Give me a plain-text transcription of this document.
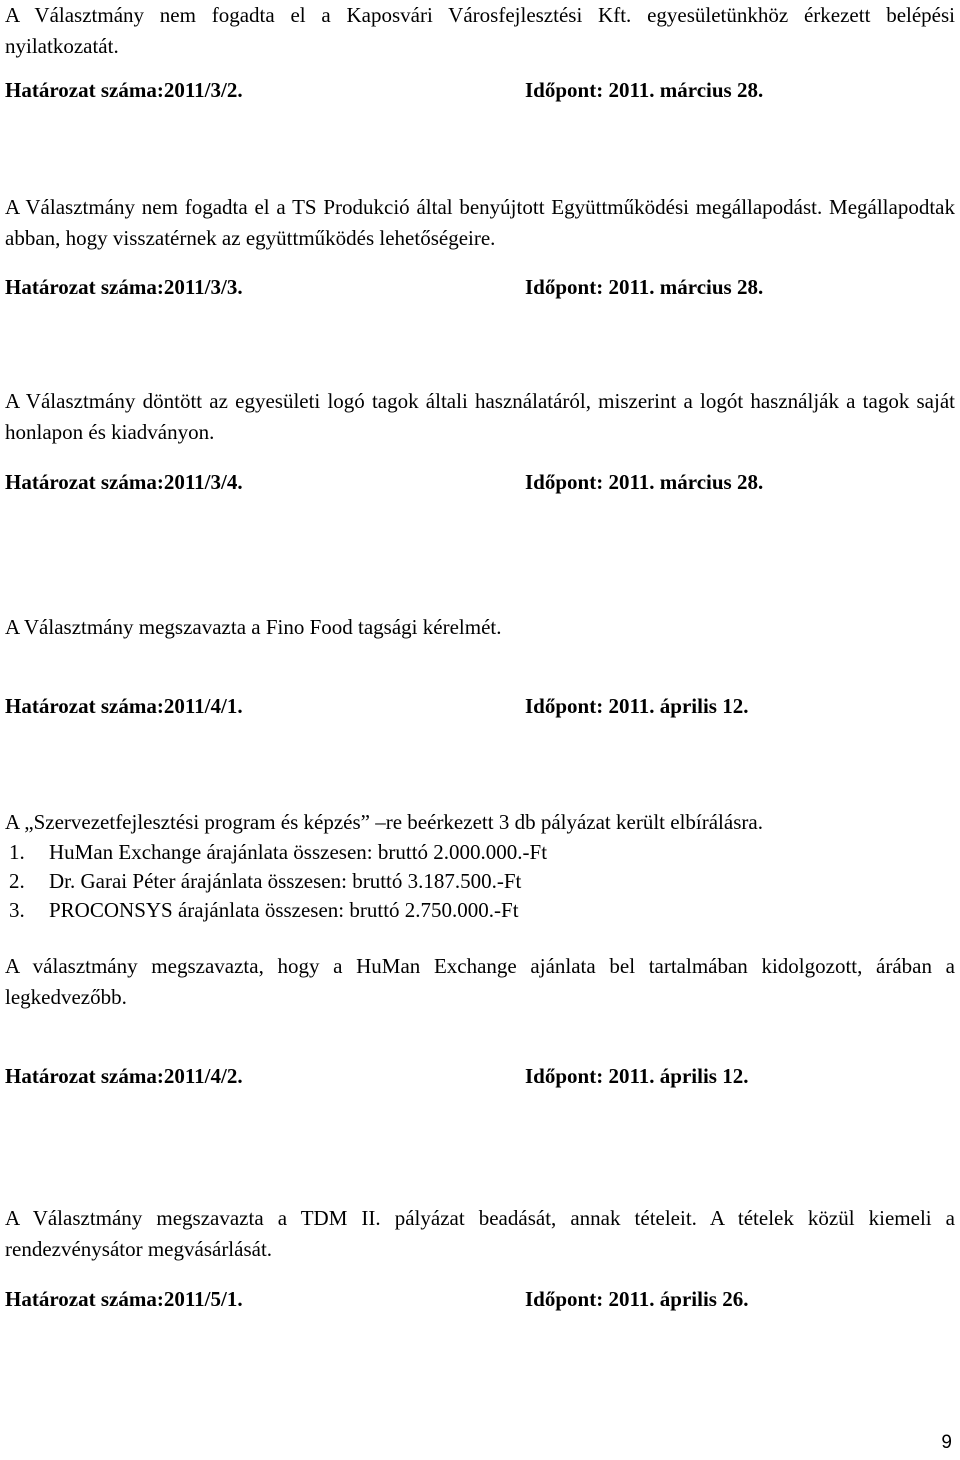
A Választmány nem fogadta el a Kaposvári Városfejlesztési Kft. egyesületünkhöz érkezett belépési nyilatkozatát.
Határozat száma:2011/3/2.	Időpont: 2011. március 28.
A Választmány nem fogadta el a TS Produkció által benyújtott Együttműködési megállapodást. Megállapodtak abban, hogy visszatérnek az együttműködés lehetőségeire.
Határozat száma:2011/3/3.	Időpont: 2011. március 28.
A Választmány döntött az egyesületi logó tagok általi használatáról, miszerint a logót használják a tagok saját honlapon és kiadványon.
Határozat száma:2011/3/4.	Időpont: 2011. március 28.
A Választmány megszavazta a Fino Food tagsági kérelmét.
Határozat száma:2011/4/1.	Időpont: 2011. április 12.
A „Szervezetfejlesztési program és képzés” –re beérkezett 3 db pályázat került elbírálásra.
1. HuMan Exchange árajánlata összesen: bruttó 2.000.000.-Ft
2. Dr. Garai Péter árajánlata összesen: bruttó 3.187.500.-Ft
3. PROCONSYS árajánlata összesen: bruttó 2.750.000.-Ft
A választmány megszavazta, hogy a HuMan Exchange ajánlata bel tartalmában kidolgozott, árában a legkedvezőbb.
Határozat száma:2011/4/2.	Időpont: 2011. április 12.
A Választmány megszavazta a TDM II. pályázat beadását, annak tételeit. A tételek közül kiemeli a rendezvénysátor megvásárlását.
Határozat száma:2011/5/1.	Időpont: 2011. április 26.
9
